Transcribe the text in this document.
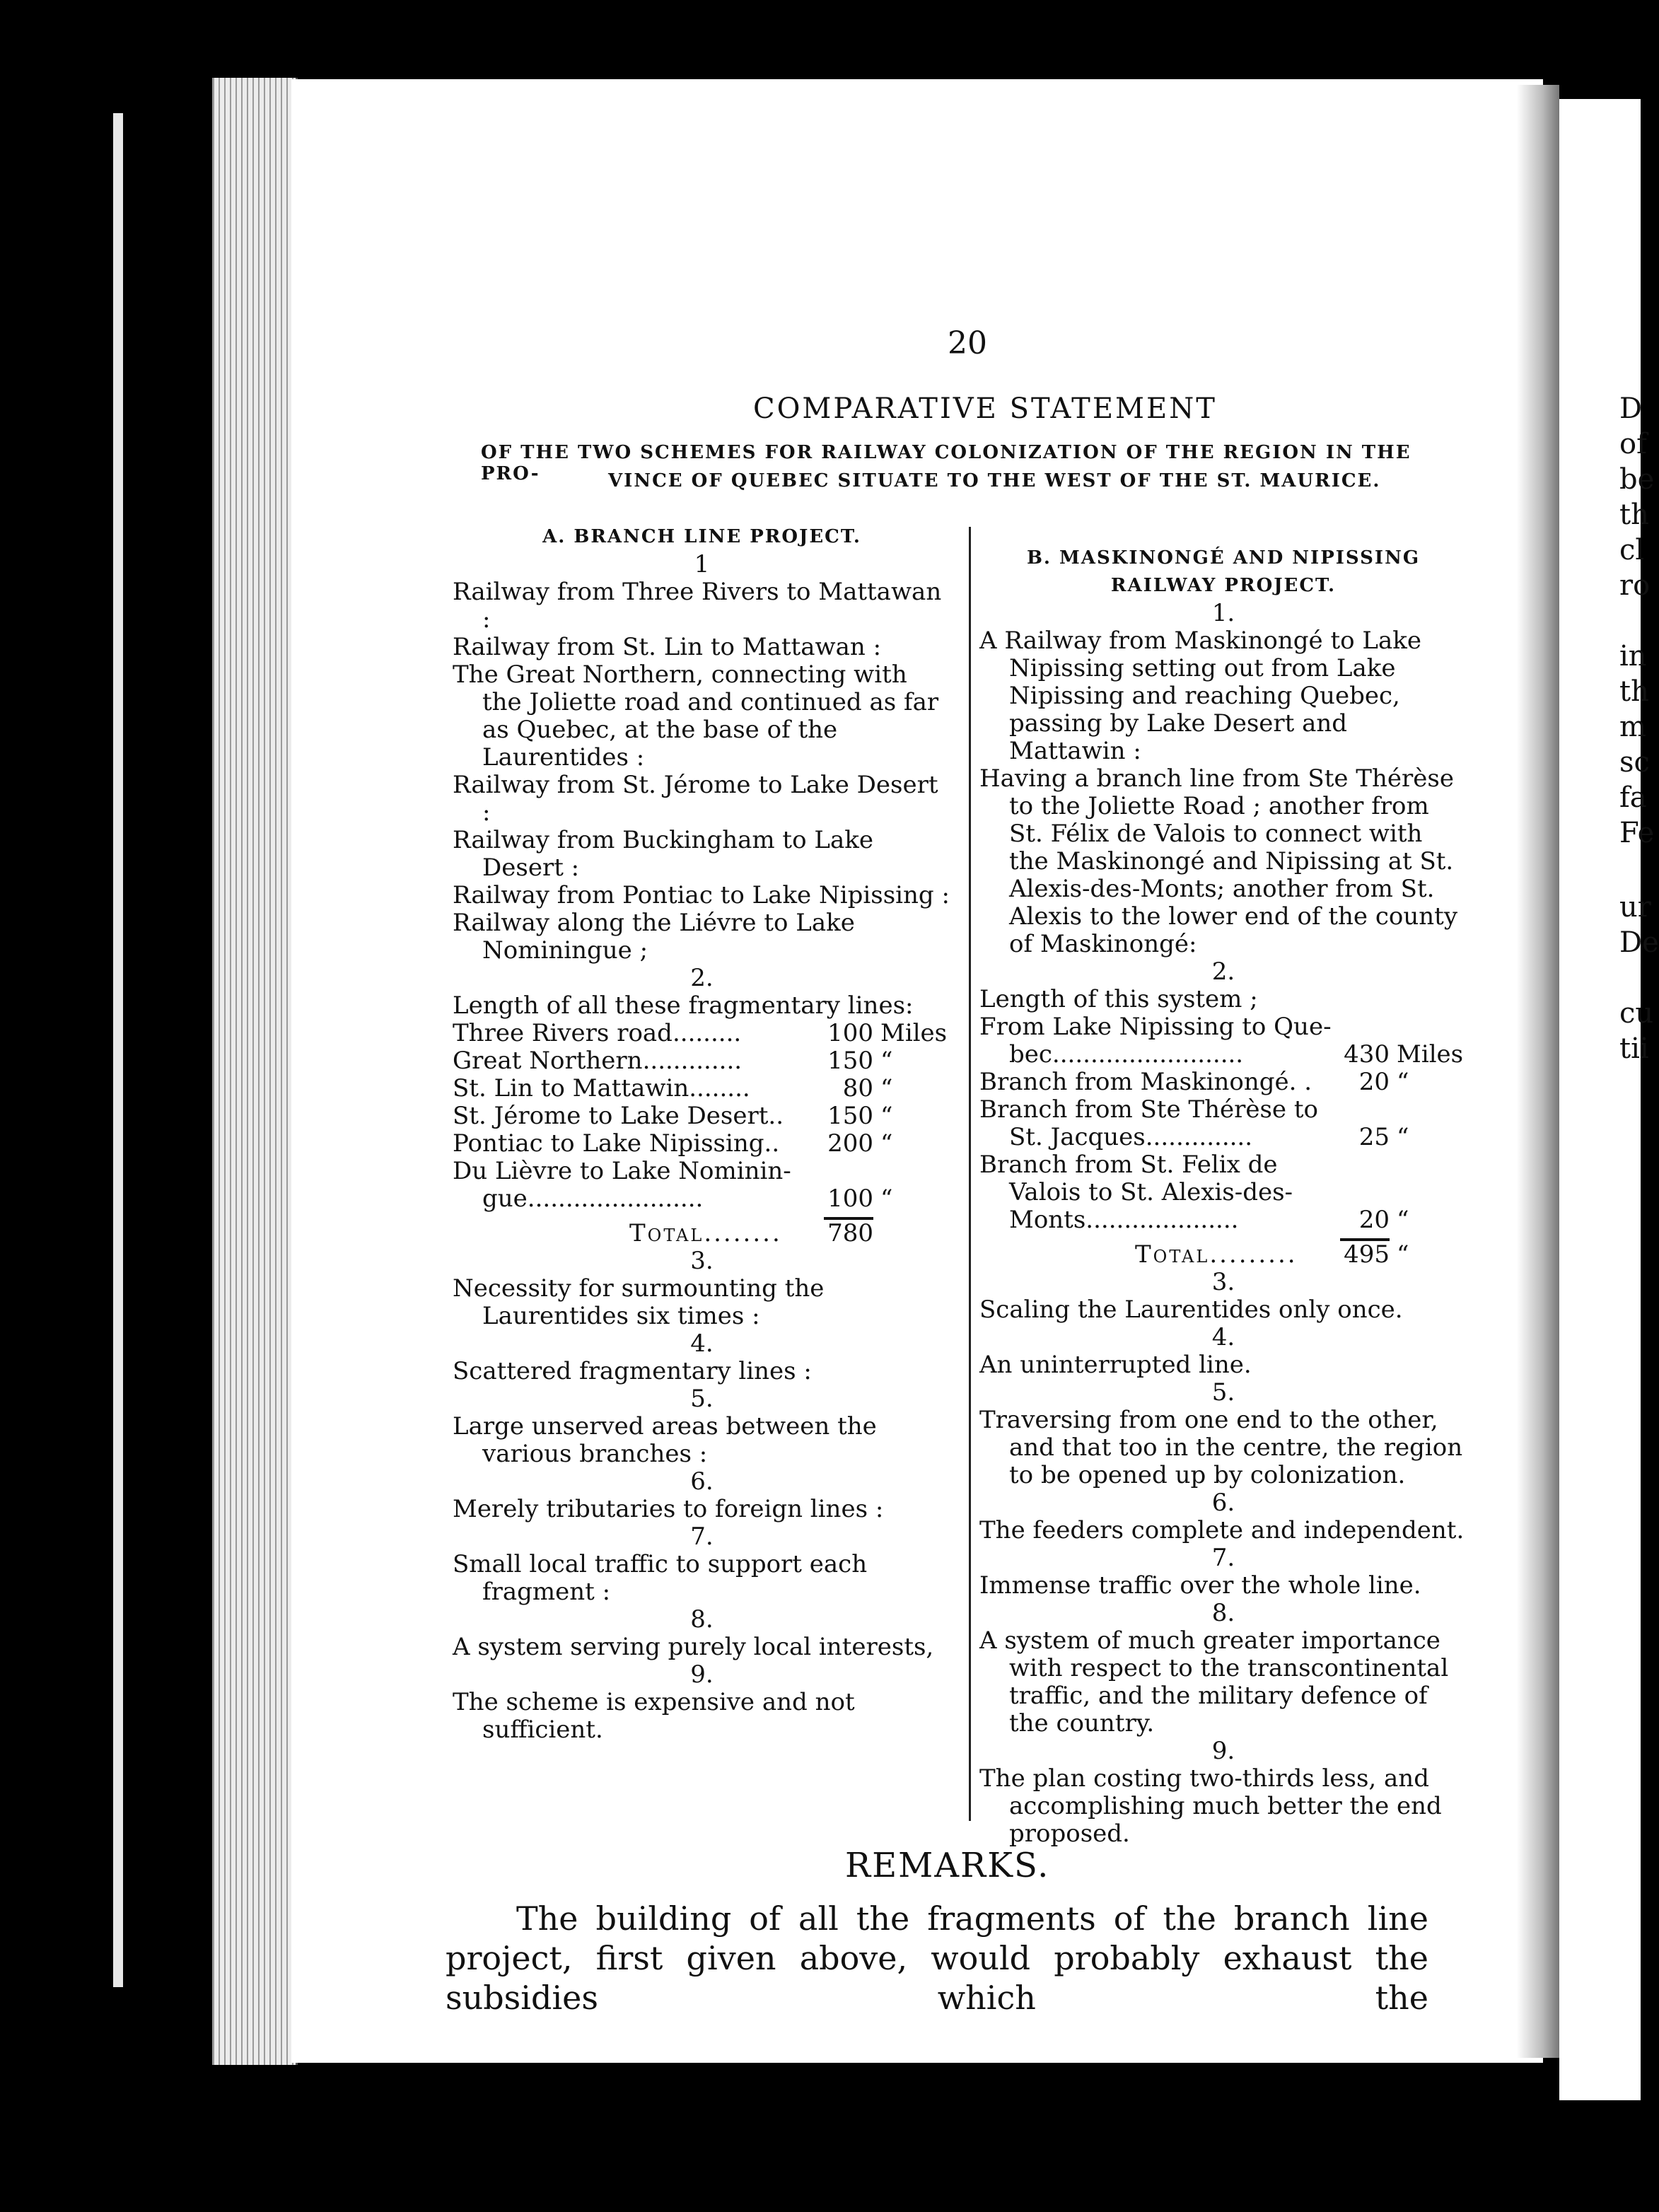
D
of
be
th
cl
ro
in
th
m
sc
fa
Fe
ur
De
cu
tii
20
COMPARATIVE STATEMENT
OF THE TWO SCHEMES FOR RAILWAY COLONIZATION OF THE REGION IN THE PRO-	VINCE OF QUEBEC SITUATE TO THE WEST OF THE ST. MAURICE.

A. BRANCH LINE PROJECT.

1

Railway from Three Rivers to Mattawan :

Railway from St. Lin to Mattawan :

The Great Northern, connecting with the Joliette road and continued as far as Quebec, at the base of the Laurentides :

Railway from St. Jérome to Lake Desert :

Railway from Buckingham to Lake Desert :

Railway from Pontiac to Lake Nipissing :

Railway along the Liévre to Lake Nominingue ;

2.

Length of all these fragmentary lines:

Three Rivers road.........	100 Miles
Great Northern.............	150 “
St. Lin to Mattawin........	80 “
St. Jérome to Lake Desert..	150 “
Pontiac to Lake Nipissing..	200 “

Du Lièvre to Lake Nominin-

gue.......................	100 “
Total........	780

3.

Necessity for surmounting the Laurentides six times :

4.

Scattered fragmentary lines :

5.

Large unserved areas between the various branches :

6.

Merely tributaries to foreign lines :

7.

Small local traffic to support each fragment :

8.

A system serving purely local interests,

9.

The scheme is expensive and not sufficient.

B. MASKINONGÉ AND NIPISSING RAILWAY PROJECT.

1.

A Railway from Maskinongé to Lake Nipissing setting out from Lake Nipissing and reaching Quebec, passing by Lake Desert and Mattawin :

Having a branch line from Ste Thérèse to the Joliette Road ; another from St. Félix de Valois to connect with the Maskinongé and Nipissing at St. Alexis-des-Monts; another from St. Alexis to the lower end of the county of Maskinongé:

2.

Length of this system ;

From Lake Nipissing to Que-

bec.........................	430 Miles
Branch from Maskinongé. .	20 “

Branch from Ste Thérèse to

St. Jacques..............	25 “

Branch from St. Felix de

Valois to St. Alexis-des-

Monts....................	20 “
Total.........	495 “

3.

Scaling the Laurentides only once.

4.

An uninterrupted line.

5.

Traversing from one end to the other, and that too in the centre, the region to be opened up by colonization.

6.

The feeders complete and independent.

7.

Immense traffic over the whole line.

8.

A system of much greater importance with respect to the transcontinental traffic, and the military defence of the country.

9.

The plan costing two-thirds less, and accomplishing much better the end proposed.

REMARKS.

The building of all the fragments of the branch line project, first given above, would probably exhaust the subsidies which the
